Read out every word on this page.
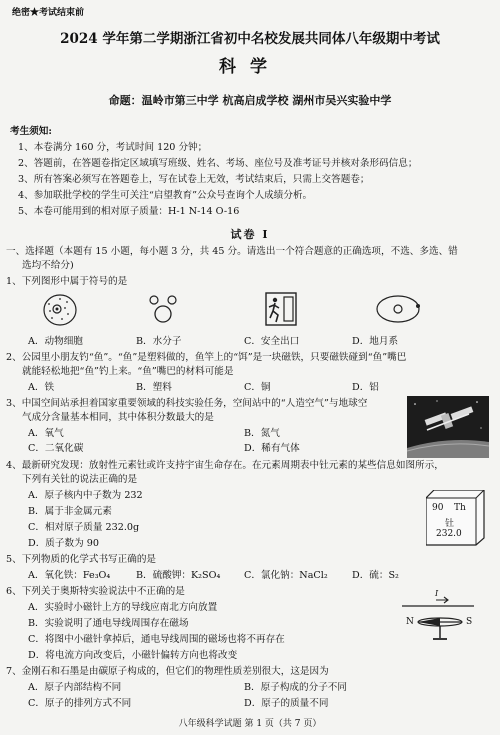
绝密★考试结束前
2024 学年第二学期浙江省初中名校发展共同体八年级期中考试
科学
命题：温岭市第三中学 杭高启成学校 湖州市吴兴实验中学
考生须知:
1、本卷满分 160 分，考试时间 120 分钟；
2、答题前，在答题卷指定区域填写班级、姓名、考场、座位号及准考证号并核对条形码信息；
3、所有答案必须写在答题卷上，写在试卷上无效，考试结束后，只需上交答题卷；
4、参加联批学校的学生可关注“启望教育”公众号查询个人成绩分析。
5、本卷可能用到的相对原子质量：H-1 N-14 O-16
试卷 I
一、选择题（本题有 15 小题，每小题 3 分，共 45 分。请选出一个符合题意的正确选项，不选、多选、错
选均不给分)
1、下列图形中属于符号的是
A．动物细胞	B．水分子	C．安全出口	D．地月系
2、公园里小朋友钓“鱼”。“鱼”是塑料做的，鱼竿上的“饵”是一块磁铁，只要磁铁碰到“鱼”嘴巴
就能轻松地把“鱼”钓上来。“鱼”嘴巴的材料可能是
A．铁	B．塑料	C．铜	D．铝
3、中国空间站承担着国家重要领域的科技实验任务，空间站中的“人造空气”与地球空
气成分含量基本相同，其中体积分数最大的是
A．氧气	B．氮气
C．二氧化碳	D．稀有气体
4、最新研究发现：放射性元素钍或许支持宇宙生命存在。在元素周期表中钍元素的某些信息如图所示，
下列有关钍的说法正确的是
A．原子核内中子数为 232
B．属于非金属元素
C．相对原子质量 232.0g
D．质子数为 90
90 Th
钍
232.0
5、下列物质的化学式书写正确的是
A．氧化铁：Fe₃O₄	B．硫酸钾：K₂SO₄ C．氯化钠：NaCl₂	D．硫：S₂
6、下列关于奥斯特实验说法中不正确的是
A．实验时小磁针上方的导线应南北方向放置
B．实验说明了通电导线周围存在磁场
C．将图中小磁针拿掉后，通电导线周围的磁场也将不再存在
D．将电流方向改变后，小磁针偏转方向也将改变
I
N	S
7、金刚石和石墨是由碳原子构成的，但它们的物理性质差别很大，这是因为
A．原子内部结构不同	B．原子构成的分子不同
C．原子的排列方式不同	D．原子的质量不同
八年级科学试题 第 1 页（共 7 页）
